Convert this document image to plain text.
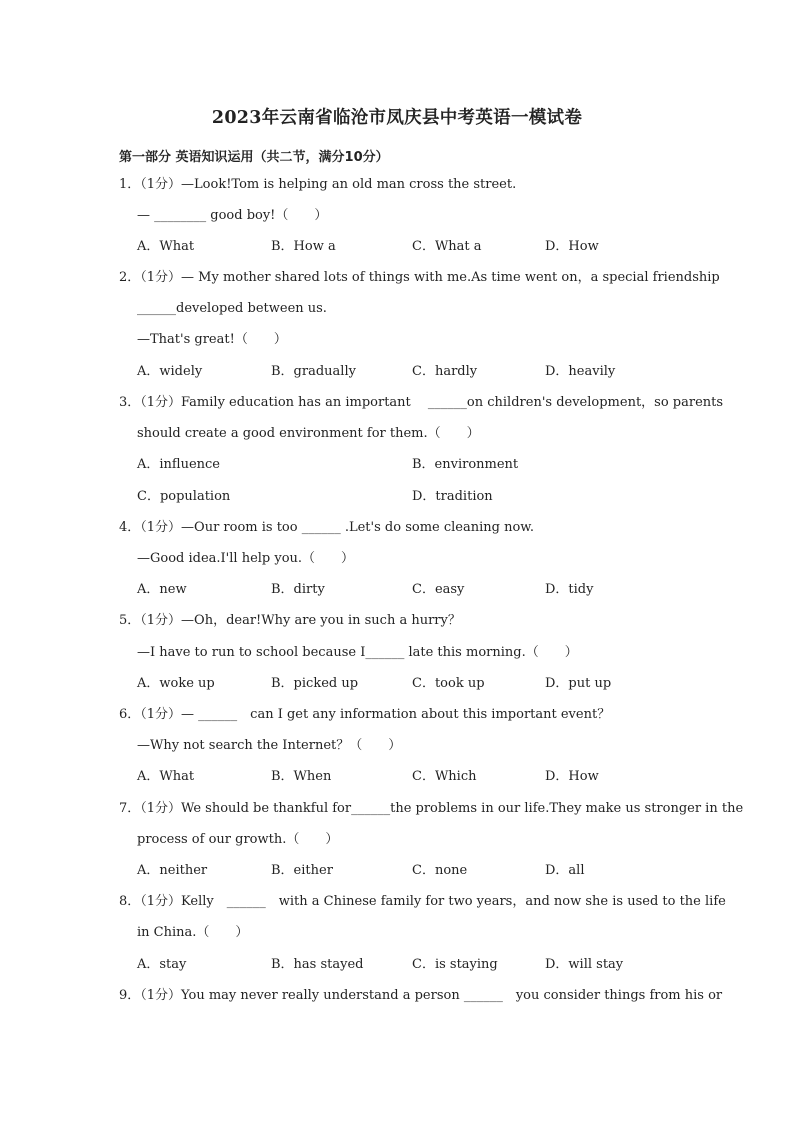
2023年云南省临沧市凤庆县中考英语一模试卷
第一部分 英语知识运用（共二节，满分10分）
1．（1分）—Look!Tom is helping an old man cross the street.
— ________ good boy!（　　）
A．What	B．How a	C．What a	D．How
2．（1分）— My mother shared lots of things with me.As time went on，a special friendship
______developed between us.
—That's great!（　　）
A．widely	B．gradually	C．hardly	D．heavily
3．（1分）Family education has an important　 ______on children's development，so parents
should create a good environment for them.（　　）
A．influence	B．environment
C．population	D．tradition
4．（1分）—Our room is too ______ .Let's do some cleaning now.
—Good idea.I'll help you.（　　）
A．new	B．dirty	C．easy	D．tidy
5．（1分）—Oh，dear!Why are you in such a hurry？
—I have to run to school because I______ late this morning.（　　）
A．woke up	B．picked up	C．took up	D．put up
6．（1分）— ______　can I get any information about this important event？
—Why not search the Internet？（　　）
A．What	B．When	C．Which	D．How
7．（1分）We should be thankful for______the problems in our life.They make us stronger in the
process of our growth.（　　）
A．neither	B．either	C．none	D．all
8．（1分）Kelly　______　with a Chinese family for two years，and now she is used to the life
in China.（　　）
A．stay	B．has stayed	C．is staying	D．will stay
9．（1分）You may never really understand a person ______　you consider things from his or
